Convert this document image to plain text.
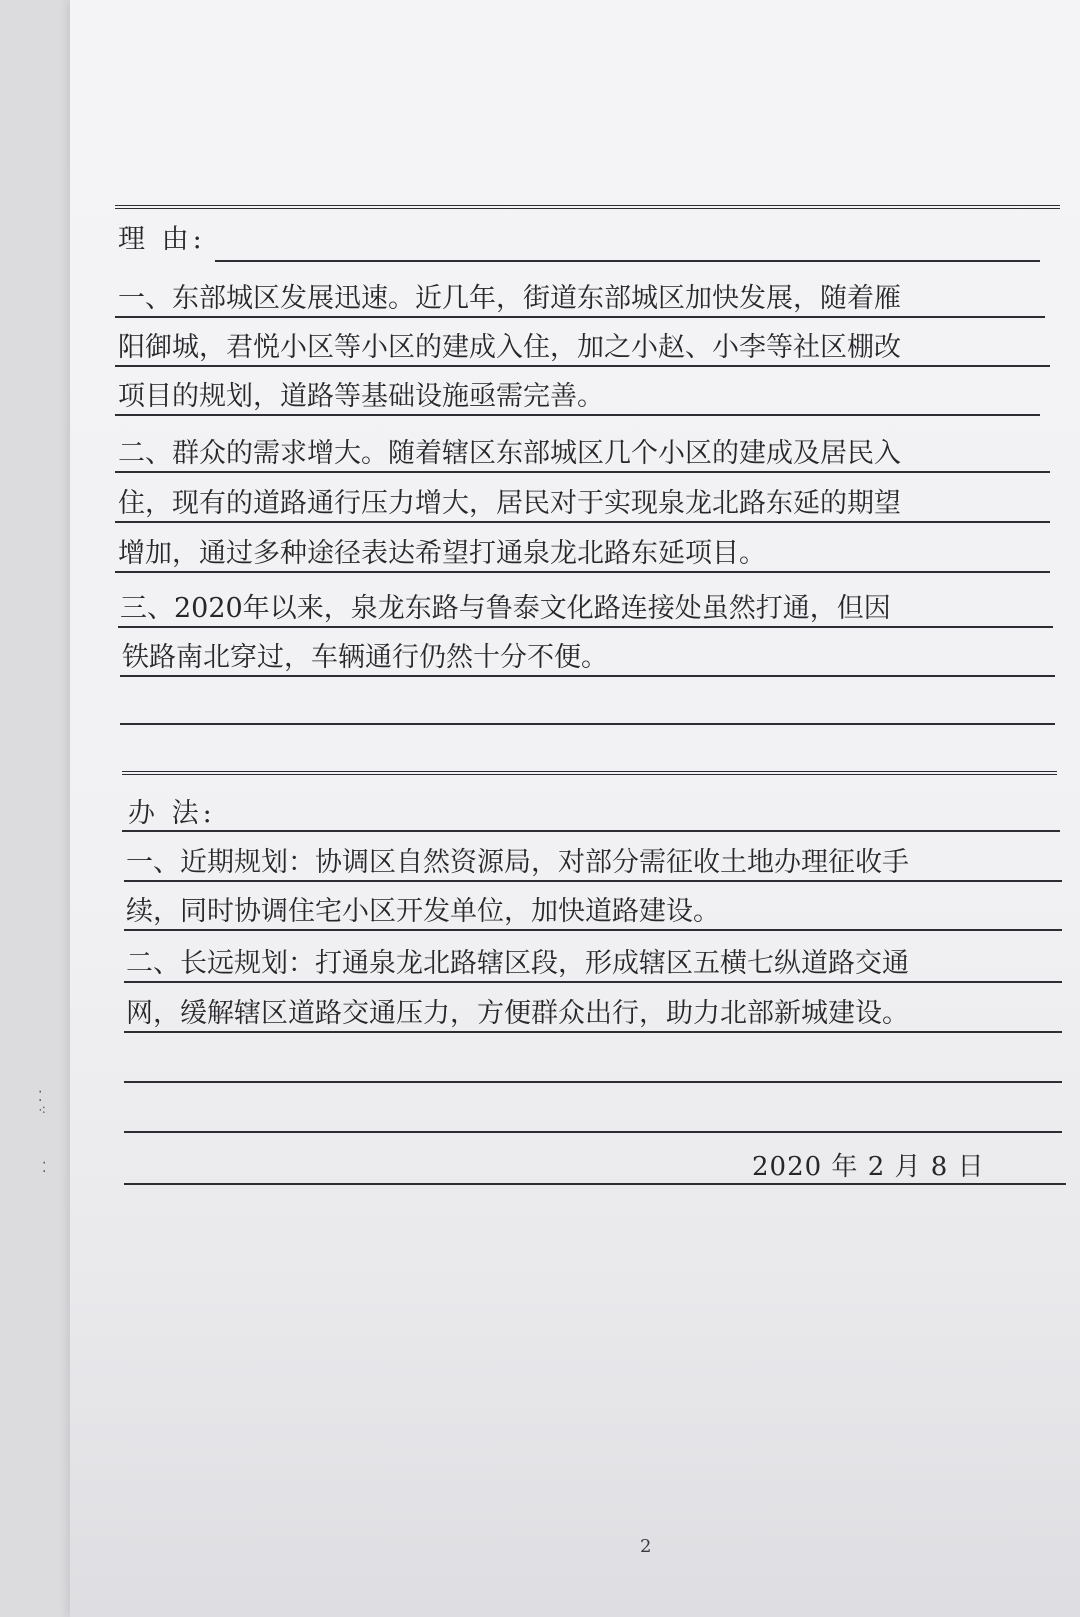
理 由:
一、东部城区发展迅速。近几年，街道东部城区加快发展，随着雁
阳御城，君悦小区等小区的建成入住，加之小赵、小李等社区棚改
项目的规划，道路等基础设施亟需完善。
二、群众的需求增大。随着辖区东部城区几个小区的建成及居民入
住，现有的道路通行压力增大，居民对于实现泉龙北路东延的期望
增加，通过多种途径表达希望打通泉龙北路东延项目。
三、2020年以来，泉龙东路与鲁泰文化路连接处虽然打通，但因
铁路南北穿过，车辆通行仍然十分不便。
办 法:
一、近期规划：协调区自然资源局，对部分需征收土地办理征收手
续，同时协调住宅小区开发单位，加快道路建设。
二、长远规划：打通泉龙北路辖区段，形成辖区五横七纵道路交通
网，缓解辖区道路交通压力，方便群众出行，助力北部新城建设。
2020 年 2 月 8 日
2
⁚
⁖
⁚
